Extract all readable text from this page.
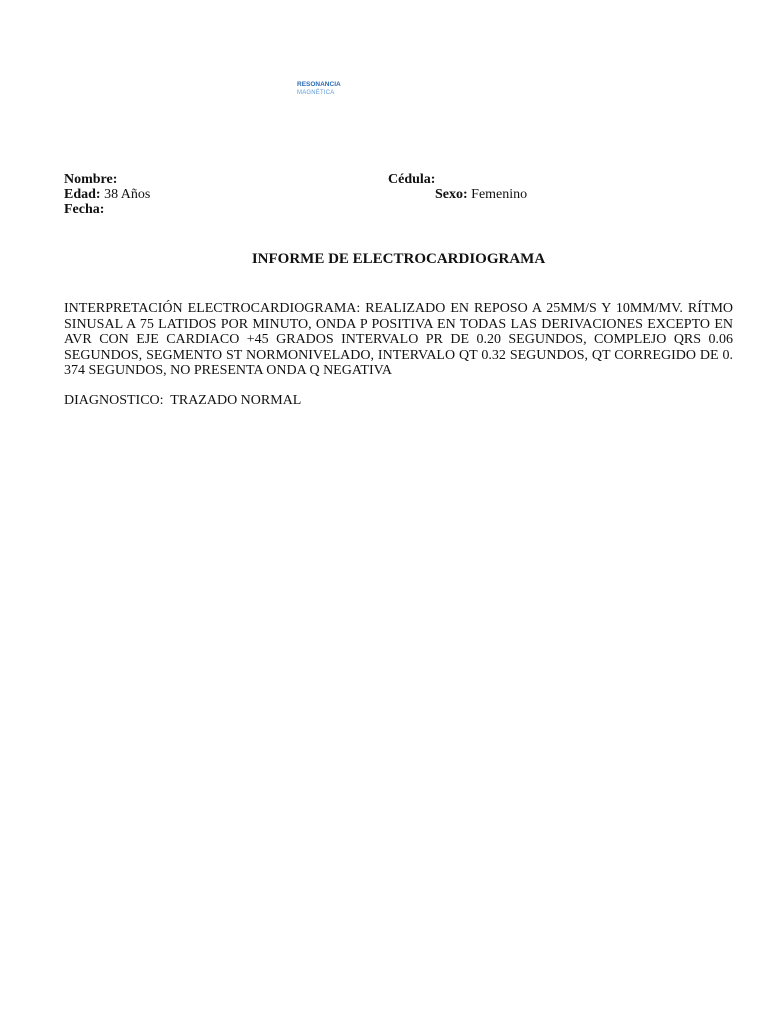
RESONANCIA
MAGNÉTICA
Nombre:	Cédula:
Edad: 38 Años	Sexo: Femenino
Fecha:
INFORME DE ELECTROCARDIOGRAMA
INTERPRETACIÓN ELECTROCARDIOGRAMA: REALIZADO EN REPOSO A 25MM/S Y 10MM/MV. RÍTMO SINUSAL A 75 LATIDOS POR MINUTO, ONDA P POSITIVA EN TODAS LAS DERIVACIONES EXCEPTO EN AVR CON EJE CARDIACO +45 GRADOS INTERVALO PR DE 0.20 SEGUNDOS, COMPLEJO QRS 0.06 SEGUNDOS, SEGMENTO ST NORMONIVELADO, INTERVALO QT 0.32 SEGUNDOS, QT CORREGIDO DE 0. 374 SEGUNDOS, NO PRESENTA ONDA Q NEGATIVA
DIAGNOSTICO:  TRAZADO NORMAL
